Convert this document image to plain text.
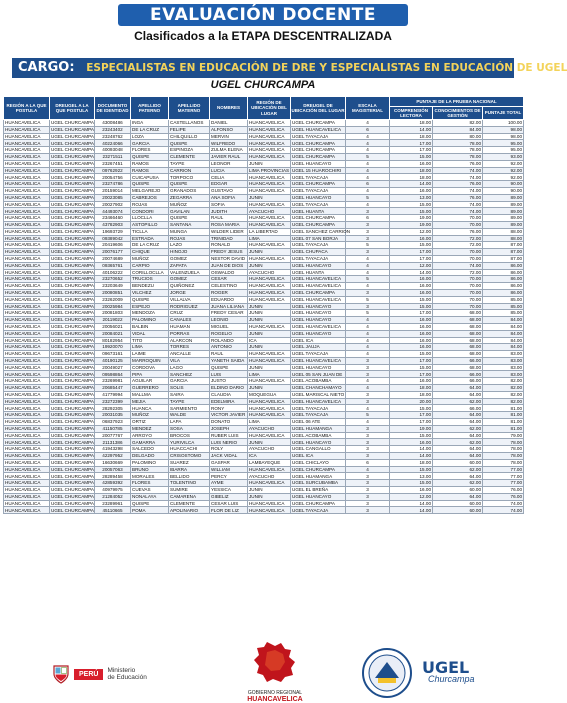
EVALUACIÓN DOCENTE
Clasificados a la ETAPA DESCENTRALIZADA
CARGO: ESPECIALISTAS EN EDUCACIÓN DE DRE Y ESPECIALISTAS EN EDUCACIÓN DE UGEL
UGEL CHURCAMPA
REGIÓN A LA QUE POSTULA	DREUGEL A LA QUE POSTULA	DOCUMENTO DE IDENTIDAD	APELLIDO PATERNO	APELLIDO MATERNO	NOMBRES	REGIÓN DE UBICACIÓN DEL LUGAR	DREUGEL DE UBICACIÓN DEL LUGAR	ESCALA MAGISTERIAL	PUNTAJE DE LA PRUEBA NACIONAL		
									COMPRENSIÓN LECTORA	CONOCIMIENTOS DE GESTIÓN	PUNTAJE TOTAL
HUANCAVELICA	UGEL CHURCAMPA	43008486	INGA	CASTELLANOS	DANIEL	HUANCAVELICA	UGEL CHURCAMPA	4	18.00	82.00	100.00
HUANCAVELICA	UGEL CHURCAMPA	23243402	DE LA CRUZ	FELIPE	ALFONSO	HUANCAVELICA	UGEL HUANCAVELICA	6	14.00	84.00	98.00
HUANCAVELICA	UGEL CHURCAMPA	23248762	LOZA	CHILQUILLO	MERVIN	HUANCAVELICA	UGEL TAYACAJA	4	18.00	80.00	98.00
HUANCAVELICA	UGEL CHURCAMPA	40224066	GARCIA	QUISPE	WILFREDO	HUANCAVELICA	UGEL CHURCAMPA	4	17.00	78.00	95.00
HUANCAVELICA	UGEL CHURCAMPA	40093048	FLORES	ESPINOZA	ZULMA ELENA	HUANCAVELICA	UGEL CHURCAMPA	4	17.00	78.00	95.00
HUANCAVELICA	UGEL CHURCAMPA	23271511	QUISPE	CLEMENTE	JAVIER RAUL	HUANCAVELICA	UGEL CHURCAMPA	5	15.00	78.00	93.00
HUANCAVELICA	UGEL CHURCAMPA	23267451	RAMOS	TAYPE	LEONOR	JUNIN	UGEL HUANCAYO	4	16.00	76.00	92.00
HUANCAVELICA	UGEL CHURCAMPA	09762922	RAMOS	CARRION	LUCIA	LIMA PROVINCIAS	UGEL 15 HUAROCHIRI	4	18.00	74.00	92.00
HUANCAVELICA	UGEL CHURCAMPA	20054756	CUICAPUSA	TORPOCO	CELIA	HUANCAVELICA	UGEL TAYACAJA	4	18.00	74.00	92.00
HUANCAVELICA	UGEL CHURCAMPA	23274786	QUISPE	QUISPE	EDGAR	HUANCAVELICA	UGEL CHURCAMPA	6	14.00	76.00	90.00
HUANCAVELICA	UGEL CHURCAMPA	20159014	MELGAREJO	GRANADOS	GUSTAVO	HUANCAVELICA	UGEL TAYACAJA	4	16.00	74.00	90.00
HUANCAVELICA	UGEL CHURCAMPA	20023085	CABREJOS	ZEGARRA	ANA SOFIA	JUNIN	UGEL HUANCAYO	5	13.00	76.00	89.00
HUANCAVELICA	UGEL CHURCAMPA	20027902	ROJAS	MUÑOZ	SOFIA	HUANCAVELICA	UGEL TAYACAJA	4	15.00	74.00	89.00
HUANCAVELICA	UGEL CHURCAMPA	44493074	CONDORI	GAVILAN	JUDITH	AYACUCHO	UGEL HUANTA	3	15.00	74.00	89.00
HUANCAVELICA	UGEL CHURCAMPA	23466460	LLOCLLA	QUISPE	RAUL	HUANCAVELICA	UGEL CHURCAMPA	6	19.00	70.00	89.00
HUANCAVELICA	UGEL CHURCAMPA	43782903	ASTOPILLO	SANTANA	ROSA MARIA	HUANCAVELICA	UGEL CHURCAMPA	3	19.00	70.00	89.00
HUANCAVELICA	UGEL CHURCAMPA	19693729	TICLLA	MUNGA	WILDER LIDER	LA LIBERTAD	UGEL SANCHEZ CARRION	3	12.00	76.00	88.00
HUANCAVELICA	UGEL CHURCAMPA	09389042	ESTRADA	ROJAS	TRINIDAD	LIMA	UGEL 07 SAN BORJA	3	16.00	72.00	88.00
HUANCAVELICA	UGEL CHURCAMPA	20419606	DE LA CRUZ	LAZO	RONALD	HUANCAVELICA	UGEL TAYACAJA	5	15.00	72.00	87.00
HUANCAVELICA	UGEL CHURCAMPA	20076177	CHIQUE	HINOJO	FREDY JESUS	JUNIN	UGEL CHUPACA	3	17.00	70.00	87.00
HUANCAVELICA	UGEL CHURCAMPA	20074689	MUÑOZ	GOMEZ	NESTOR DAVID	HUANCAVELICA	UGEL TAYACAJA	4	17.00	70.00	87.00
HUANCAVELICA	UGEL CHURCAMPA	09365761	CARPIO	ZAPATA	JUAN DE DIOS	JUNIN	UGEL HUANCAYO	4	12.00	74.00	86.00
HUANCAVELICA	UGEL CHURCAMPA	40106222	CORILLOCLLA	VALENZUELA	OSWALDO	AYACUCHO	UGEL HUANTA	4	14.00	72.00	86.00
HUANCAVELICA	UGEL CHURCAMPA	23270652	TRUCIOS	GOMEZ	CESAR	HUANCAVELICA	UGEL HUANCAVELICA	5	16.00	70.00	86.00
HUANCAVELICA	UGEL CHURCAMPA	23203649	BENDEZU	QUIÑONEZ	CELESTINO	HUANCAVELICA	UGEL HUANCAVELICA	4	16.00	70.00	86.00
HUANCAVELICA	UGEL CHURCAMPA	20080851	VILCHEZ	JORGE	ROGER	HUANCAVELICA	UGEL CHURCAMPA	3	16.00	70.00	86.00
HUANCAVELICA	UGEL CHURCAMPA	23262009	QUISPE	VILLALVA	EDUARDO	HUANCAVELICA	UGEL HUANCAVELICA	5	15.00	70.00	85.00
HUANCAVELICA	UGEL CHURCAMPA	20025984	ESPEJO	RODRIGUEZ	JUANA LILIANA	JUNIN	UGEL HUANCAYO	3	15.00	70.00	85.00
HUANCAVELICA	UGEL CHURCAMPA	20081803	MENDOZA	CRUZ	FREDY CESAR	JUNIN	UGEL HUANCAYO	5	17.00	68.00	85.00
HUANCAVELICA	UGEL CHURCAMPA	20119022	PALOMINO	CANALES	LEONIO	JUNIN	UGEL HUANCAYO	4	16.00	68.00	84.00
HUANCAVELICA	UGEL CHURCAMPA	20056021	BALBIN	HUAMAN	MIGUEL	HUANCAVELICA	UGEL HUANCAVELICA	4	16.00	68.00	84.00
HUANCAVELICA	UGEL CHURCAMPA	20084021	VIDAL	PORRAS	ROGELIO	JUNIN	UGEL HUANCAYO	4	16.00	68.00	84.00
HUANCAVELICA	UGEL CHURCAMPA	80182954	TITO	ALARCON	ROLANDO	ICA	UGEL ICA	4	16.00	68.00	84.00
HUANCAVELICA	UGEL CHURCAMPA	19920070	LIMA	TORRES	ANTONIO	JUNIN	UGEL JAUJA	4	16.00	68.00	84.00
HUANCAVELICA	UGEL CHURCAMPA	09673161	LAIME	ANCALLE	RAUL	HUANCAVELICA	UGEL TAYACAJA	4	15.00	68.00	83.00
HUANCAVELICA	UGEL CHURCAMPA	40190125	MARROQUIN	VILA	YANETH SAIDA	HUANCAVELICA	UGEL HUANCAVELICA	3	17.00	66.00	83.00
HUANCAVELICA	UGEL CHURCAMPA	20049027	CORDOVA	LAGO	QUISPE	JUNIN	UGEL HUANCAYO	3	15.00	68.00	83.00
HUANCAVELICA	UGEL CHURCAMPA	09598864	PIPA	SANCHEZ	LUIS	LIMA	UGEL 05 SAN JUAN DE	3	17.00	66.00	83.00
HUANCAVELICA	UGEL CHURCAMPA	23269981	AGUILAR	GARCIA	JUSTO	HUANCAVELICA	UGEL ACOBAMBA	4	16.00	66.00	82.00
HUANCAVELICA	UGEL CHURCAMPA	20685447	GUERRERO	SOLIS	ELDINO DARIO	JUNIN	UGEL CHANCHAMAYO	4	18.00	64.00	82.00
HUANCAVELICA	UGEL CHURCAMPA	41779994	MALLMA	SAIRA	CLAUDIA	MOQUEGUA	UGEL MARISCAL NIETO	3	18.00	64.00	82.00
HUANCAVELICA	UGEL CHURCAMPA	23272399	MEJIA	TAYPE	EDELMIRA	HUANCAVELICA	UGEL HUANCAVELICA	3	20.00	62.00	82.00
HUANCAVELICA	UGEL CHURCAMPA	28292305	HUANCA	SARMIENTO	RONY	HUANCAVELICA	UGEL TAYACAJA	4	15.00	66.00	81.00
HUANCAVELICA	UGEL CHURCAMPA	20031035	MUÑOZ	WALDE	VICTOR JAVIER	HUANCAVELICA	UGEL TAYACAJA	5	17.00	64.00	81.00
HUANCAVELICA	UGEL CHURCAMPA	06837923	ORTIZ	LAPA	DONATO	LIMA	UGEL 06 ATE	4	17.00	64.00	81.00
HUANCAVELICA	UGEL CHURCAMPA	41150785	MENDEZ	SOSA	JOSEPH	AYACUCHO	UGEL HUAMANGA	3	19.00	62.00	81.00
HUANCAVELICA	UGEL CHURCAMPA	20077767	ARROYO	BROCOS	RUBER LUIS	HUANCAVELICA	UGEL ACOBAMBA	3	15.00	64.00	79.00
HUANCAVELICA	UGEL CHURCAMPA	21131386	GAMARRA	YURIVILCA	LUIS NERIO	JUNIN	UGEL HUANCAYO	3	16.00	62.00	78.00
HUANCAVELICA	UGEL CHURCAMPA	41943298	SALCEDO	HUACCACHI	ROLY	AYACUCHO	UGEL CANGALLO	3	14.00	64.00	78.00
HUANCAVELICA	UGEL CHURCAMPA	42297952	DELGADO	CRISOSTOMO	JACK VIDAL	ICA	UGEL ICA	3	14.00	64.00	78.00
HUANCAVELICA	UGEL CHURCAMPA	16630669	PALOMINO	SUAREZ	GASPAR	LAMBAYEQUE	UGEL CHICLAYO	6	18.00	60.00	78.00
HUANCAVELICA	UGEL CHURCAMPA	20057063	BRUNO	IBARRA	WILLIAM	HUANCAVELICA	UGEL CHURCAMPA	4	15.00	62.00	77.00
HUANCAVELICA	UGEL CHURCAMPA	28289458	MORALES	BELLIDO	PERCY	AYACUCHO	UGEL HUAMANGA	3	13.00	64.00	77.00
HUANCAVELICA	UGEL CHURCAMPA	42859392	FLORES	TOLENTINO	AYME	HUANCAVELICA	UGEL SURCUBAMBA	3	15.00	62.00	77.00
HUANCAVELICA	UGEL CHURCAMPA	40979975	CUEVAS	SUMIRE	YESSICA	JUNIN	UGEL EL BREÑA	3	16.00	60.00	76.00
HUANCAVELICA	UGEL CHURCAMPA	21284052	NONALAYA	CAMARENA	GIBELIZ	JUNIN	UGEL HUANCAYO	3	12.00	64.00	76.00
HUANCAVELICA	UGEL CHURCAMPA	23289961	QUISPE	CLEMENTE	CESAR LUIS	HUANCAVELICA	UGEL CHURCAMPA	3	14.00	60.00	74.00
HUANCAVELICA	UGEL CHURCAMPA	45110665	POMA	APOLINARIO	FLOR DE LIZ	HUANCAVELICA	UGEL TAYACAJA	3	14.00	60.00	74.00
PERÚ	Ministerio
de Educación
GOBIERNO REGIONAL
HUANCAVELICA
UGEL
Churcampa
